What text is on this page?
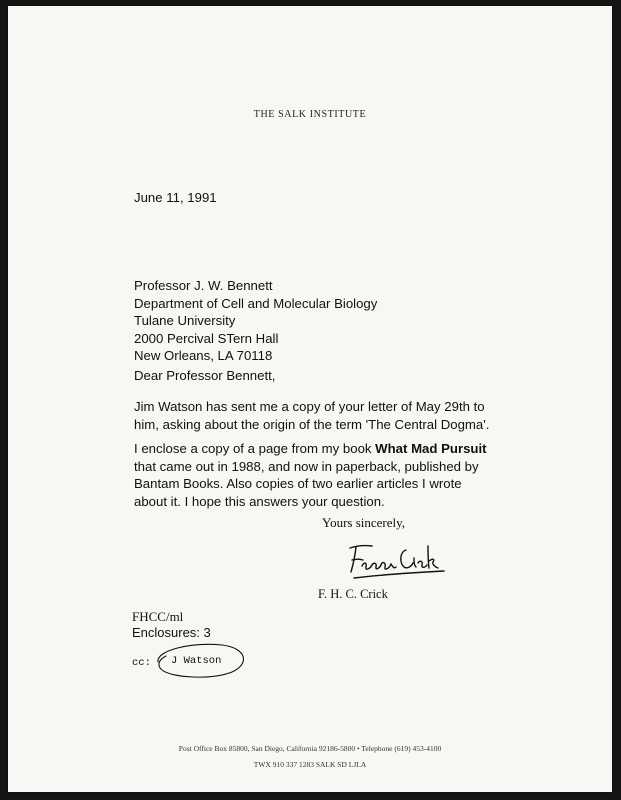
THE SALK INSTITUTE
June 11, 1991
Professor J. W. Bennett
Department of Cell and Molecular Biology
Tulane University
2000 Percival STern Hall
New Orleans, LA 70118
Dear Professor Bennett,
Jim Watson has sent me a copy of your letter of May 29th to
him, asking about the origin of the term 'The Central Dogma'.
I enclose a copy of a page from my book What Mad Pursuit
that came out in 1988, and now in paperback, published by
Bantam Books. Also copies of two earlier articles I wrote
about it. I hope this answers your question.
Yours sincerely,
F. H. C. Crick
FHCC/ml
Enclosures: 3
cc: J Watson
Post Office Box 85800, San Diego, California 92186-5800 • Telephone (619) 453-4100
TWX 910 337 1283 SALK SD LJLA
